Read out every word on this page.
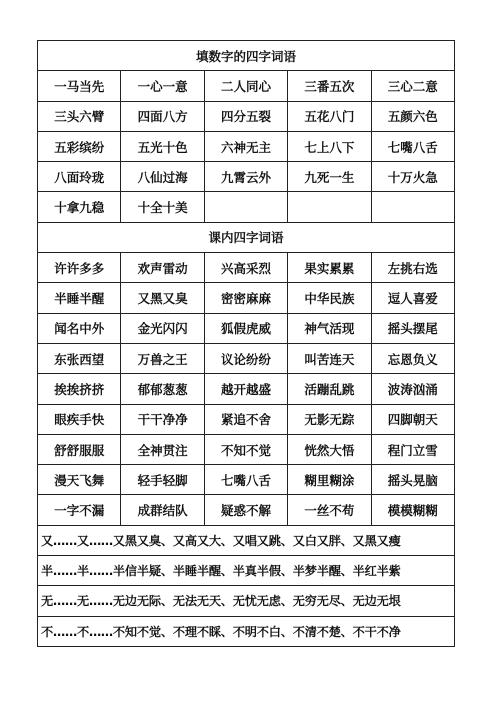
填数字的四字词语				
一马当先	一心一意	二人同心	三番五次	三心二意
三头六臂	四面八方	四分五裂	五花八门	五颜六色
五彩缤纷	五光十色	六神无主	七上八下	七嘴八舌
八面玲珑	八仙过海	九霄云外	九死一生	十万火急
十拿九稳	十全十美			
课内四字词语				
许许多多	欢声雷动	兴高采烈	果实累累	左挑右选
半睡半醒	又黑又臭	密密麻麻	中华民族	逗人喜爱
闻名中外	金光闪闪	狐假虎威	神气活现	摇头摆尾
东张西望	万兽之王	议论纷纷	叫苦连天	忘恩负义
挨挨挤挤	郁郁葱葱	越开越盛	活蹦乱跳	波涛汹涌
眼疾手快	干干净净	紧追不舍	无影无踪	四脚朝天
舒舒服服	全神贯注	不知不觉	恍然大悟	程门立雪
漫天飞舞	轻手轻脚	七嘴八舌	糊里糊涂	摇头晃脑
一字不漏	成群结队	疑惑不解	一丝不苟	模模糊糊
又……又……又黑又臭、又高又大、又唱又跳、又白又胖、又黑又瘦				
半……半……半信半疑、半睡半醒、半真半假、半梦半醒、半红半紫				
无……无……无边无际、无法无天、无忧无虑、无穷无尽、无边无垠				
不……不……不知不觉、不理不睬、不明不白、不清不楚、不干不净				
